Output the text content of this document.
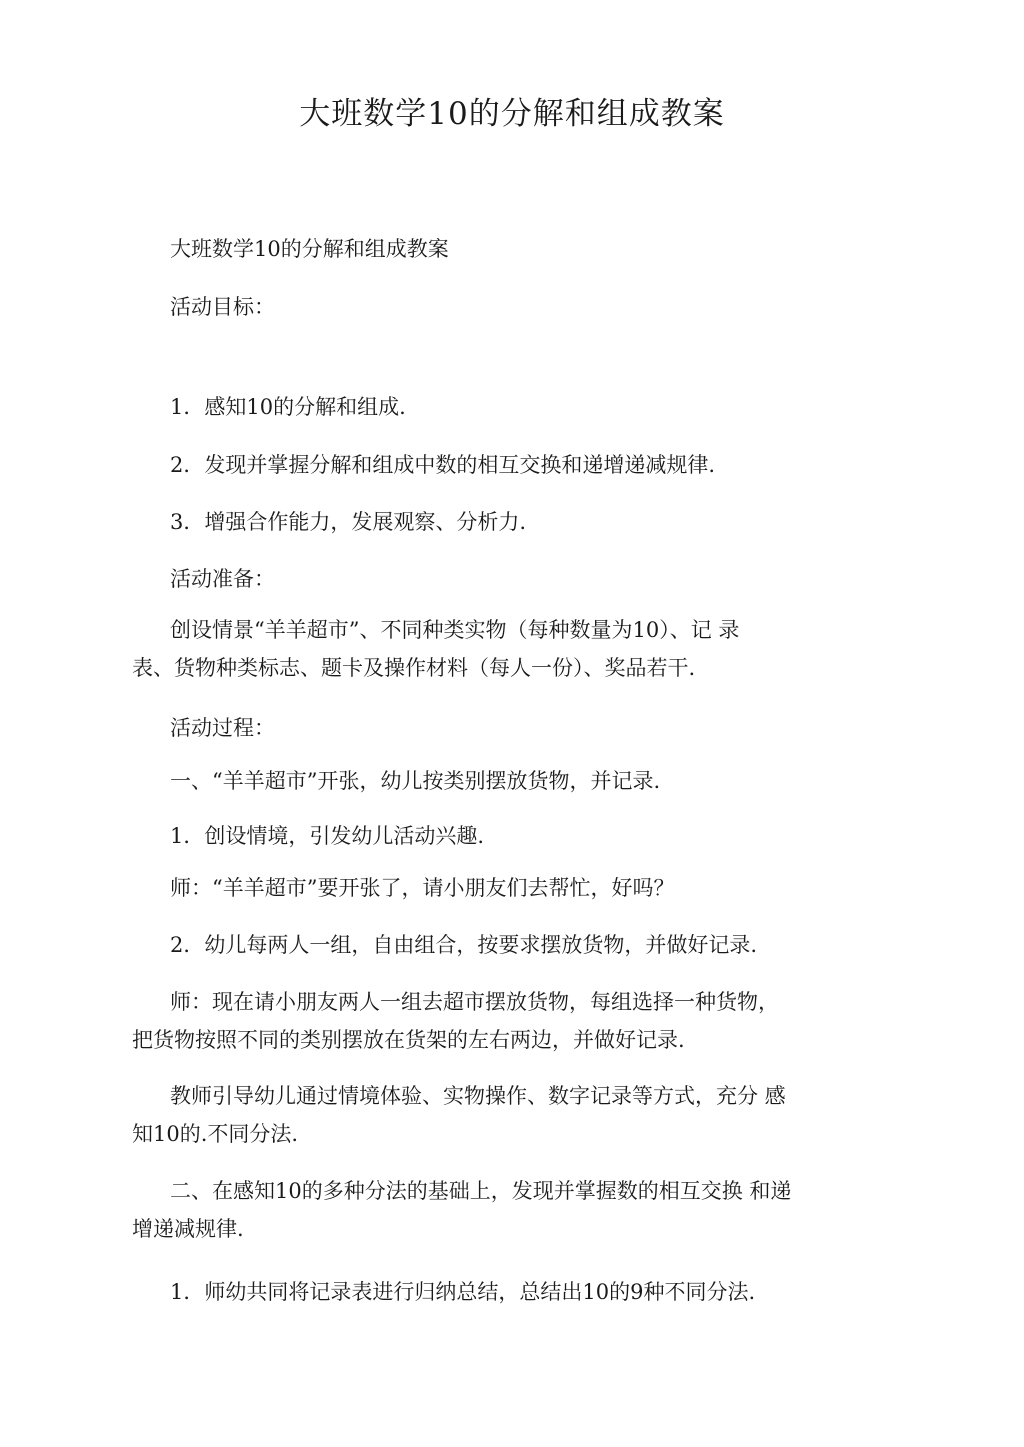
大班数学10的分解和组成教案

大班数学10的分解和组成教案

活动目标：

1．感知10的分解和组成.

2．发现并掌握分解和组成中数的相互交换和递增递减规律.

3．增强合作能力，发展观察、分析力.

活动准备：

创设情景“羊羊超市”、不同种类实物（每种数量为10）、记 录
表、货物种类标志、题卡及操作材料（每人一份）、奖品若干.

活动过程：

一、“羊羊超市”开张，幼儿按类别摆放货物，并记录.

1．创设情境，引发幼儿活动兴趣.

师：“羊羊超市”要开张了，请小朋友们去帮忙，好吗？

2．幼儿每两人一组，自由组合，按要求摆放货物，并做好记录.

师：现在请小朋友两人一组去超市摆放货物，每组选择一种货物，
把货物按照不同的类别摆放在货架的左右两边，并做好记录.

教师引导幼儿通过情境体验、实物操作、数字记录等方式，充分 感
知10的.不同分法.

二、在感知10的多种分法的基础上，发现并掌握数的相互交换 和递
增递减规律.

1．师幼共同将记录表进行归纳总结，总结出10的9种不同分法.
